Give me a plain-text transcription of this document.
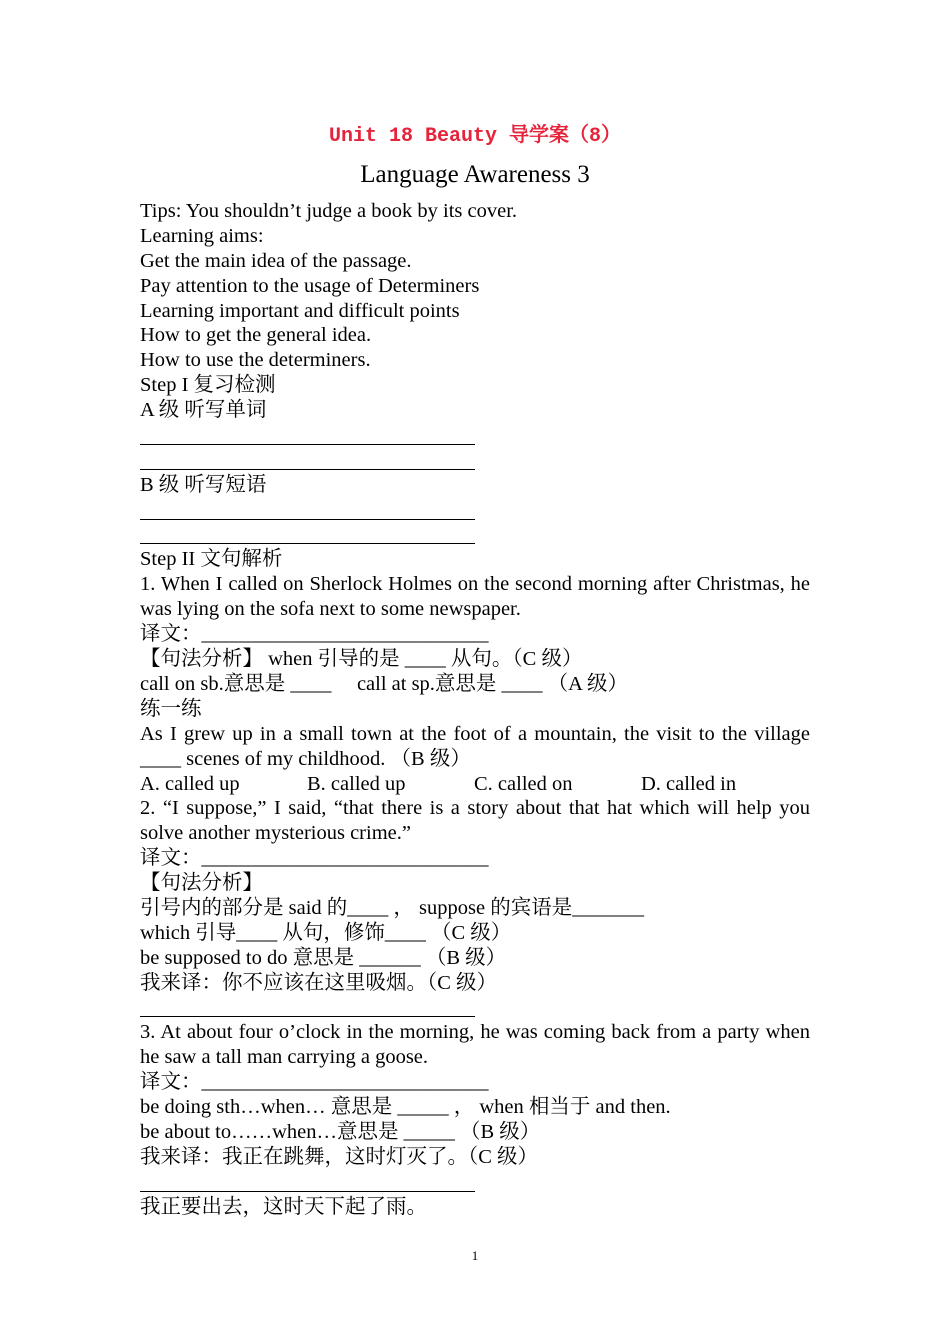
Unit 18 Beauty 导学案（8）
Language Awareness 3
Tips: You shouldn’t judge a book by its cover.
Learning aims:
Get the main idea of the passage.
Pay attention to the usage of Determiners
Learning important and difficult points
How to get the general idea.
How to use the determiners.
Step I 复习检测
A 级 听写单词
B 级 听写短语
Step II 文句解析
1. When I called on Sherlock Holmes on the second morning after Christmas, he was lying on the sofa next to some newspaper.
译文：____________________________
【句法分析】 when 引导的是 ____ 从句。（C 级）
call on sb.意思是 ____     call at sp.意思是 ____ （A 级）
练一练
As I grew up in a small town at the foot of a mountain, the visit to the village ____ scenes of my childhood. （B 级）
A. called up	B. called up	C. called on	D. called in
2. “I suppose,” I said, “that there is a story about that hat which will help you solve another mysterious crime.”
译文：____________________________
【句法分析】
引号内的部分是 said 的____ ， suppose 的宾语是_______
which 引导____ 从句，修饰____ （C 级）
be supposed to do 意思是 ______ （B 级）
我来译：你不应该在这里吸烟。（C 级）
3. At about four o’clock in the morning, he was coming back from a party when he saw a tall man carrying a goose.
译文：____________________________
be doing sth…when… 意思是 _____ ， when 相当于 and then.
be about to……when…意思是 _____ （B 级）
我来译：我正在跳舞，这时灯灭了。（C 级）
我正要出去，这时天下起了雨。
1
